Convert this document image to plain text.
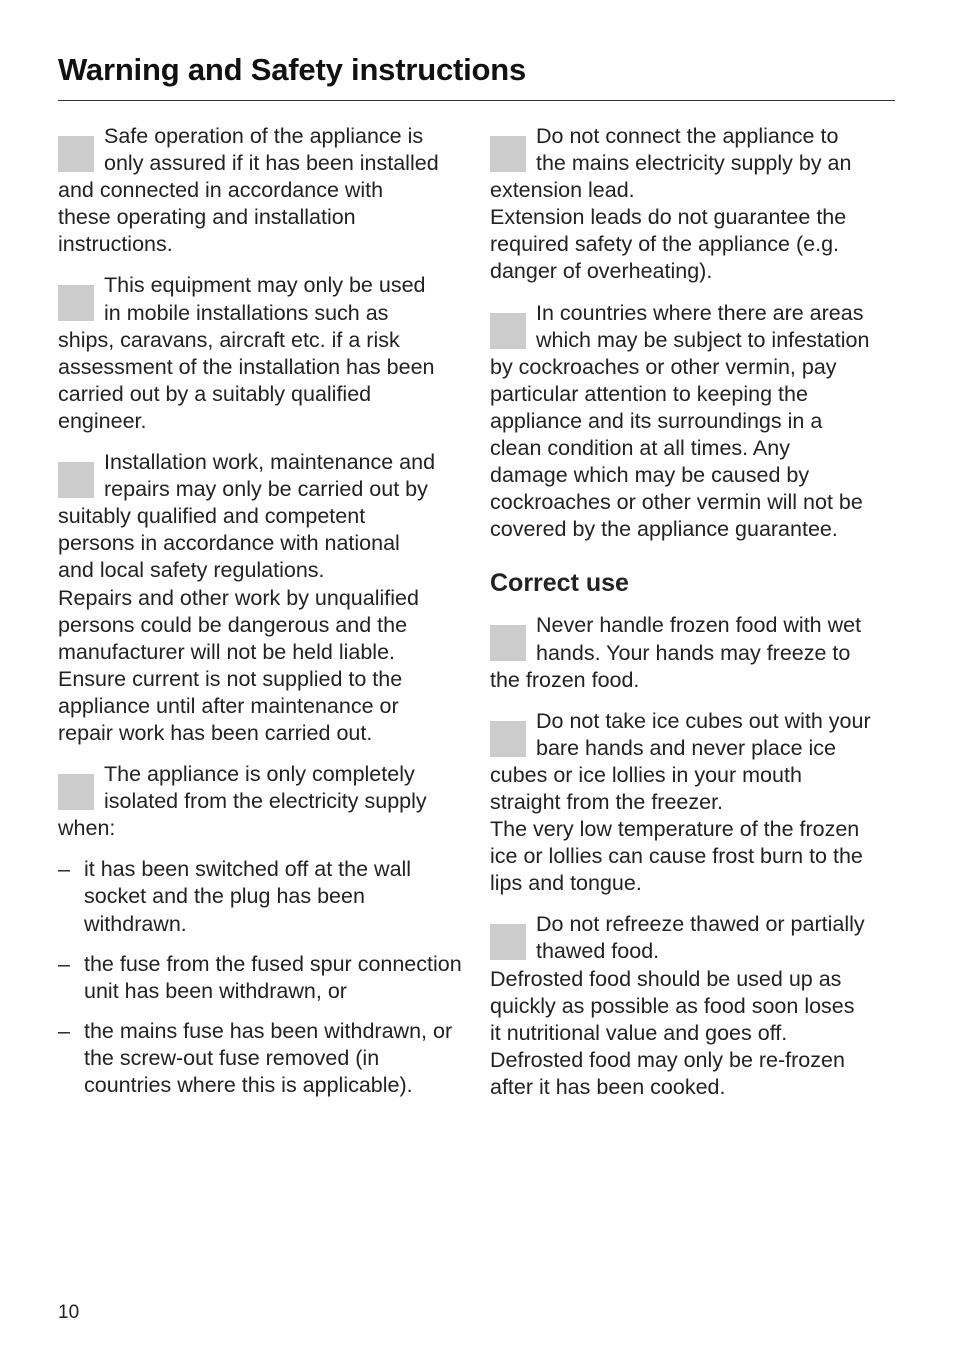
Warning and Safety instructions

Safe operation of the appliance is
only assured if it has been installed
and connected in accordance with
these operating and installation
instructions.

This equipment may only be used
in mobile installations such as
ships, caravans, aircraft etc. if a risk
assessment of the installation has been
carried out by a suitably qualified
engineer.

Installation work, maintenance and
repairs may only be carried out by
suitably qualified and competent
persons in accordance with national
and local safety regulations.
Repairs and other work by unqualified
persons could be dangerous and the
manufacturer will not be held liable.
Ensure current is not supplied to the
appliance until after maintenance or
repair work has been carried out.

The appliance is only completely
isolated from the electricity supply
when:

– it has been switched off at the wall socket and the plug has been withdrawn.
– the fuse from the fused spur connection unit has been withdrawn, or
– the mains fuse has been withdrawn, or the screw-out fuse removed (in countries where this is applicable).

Do not connect the appliance to
the mains electricity supply by an
extension lead.
Extension leads do not guarantee the
required safety of the appliance (e.g.
danger of overheating).

In countries where there are areas
which may be subject to infestation
by cockroaches or other vermin, pay
particular attention to keeping the
appliance and its surroundings in a
clean condition at all times. Any
damage which may be caused by
cockroaches or other vermin will not be
covered by the appliance guarantee.

Correct use

Never handle frozen food with wet
hands. Your hands may freeze to
the frozen food.

Do not take ice cubes out with your
bare hands and never place ice
cubes or ice lollies in your mouth
straight from the freezer.
The very low temperature of the frozen
ice or lollies can cause frost burn to the
lips and tongue.

Do not refreeze thawed or partially
thawed food.
Defrosted food should be used up as
quickly as possible as food soon loses
it nutritional value and goes off.
Defrosted food may only be re-frozen
after it has been cooked.

10
